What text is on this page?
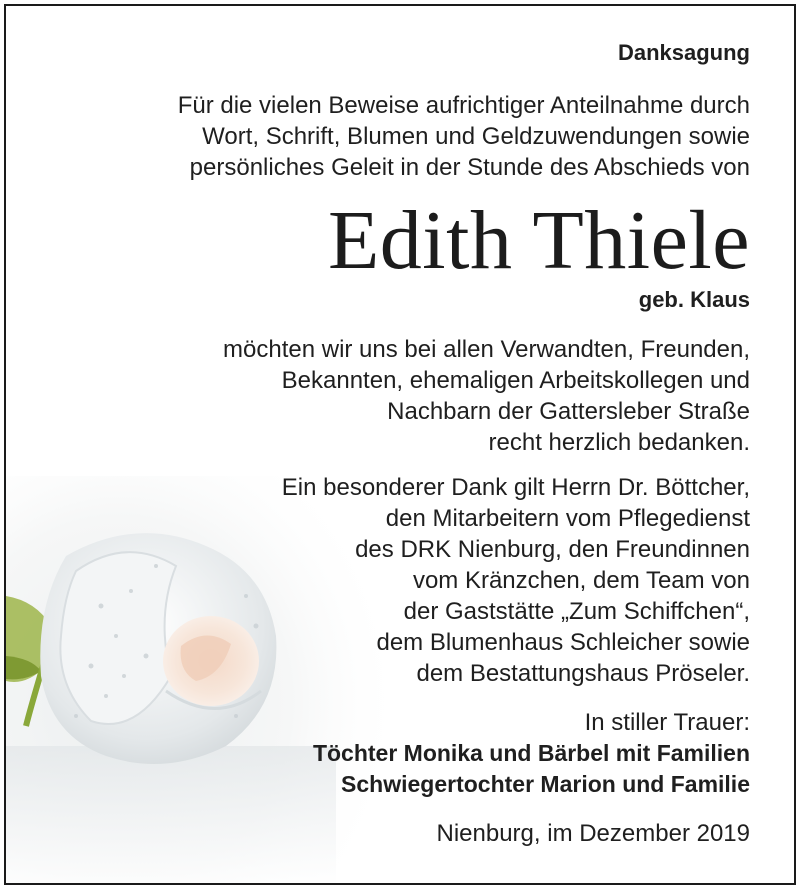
Danksagung

Für die vielen Beweise aufrichtiger Anteilnahme durch
Wort, Schrift, Blumen und Geldzuwendungen sowie
persönliches Geleit in der Stunde des Abschieds von
Edith Thiele
geb. Klaus
möchten wir uns bei allen Verwandten, Freunden,
Bekannten, ehemaligen Arbeitskollegen und
Nachbarn der Gattersleber Straße
recht herzlich bedanken.
Ein besonderer Dank gilt Herrn Dr. Böttcher,
den Mitarbeitern vom Pflegedienst
des DRK Nienburg, den Freundinnen
vom Kränzchen, dem Team von
der Gaststätte „Zum Schiffchen“,
dem Blumenhaus Schleicher sowie
dem Bestattungshaus Pröseler.
In stiller Trauer:
Töchter Monika und Bärbel mit Familien
Schwiegertochter Marion und Familie
Nienburg, im Dezember 2019
